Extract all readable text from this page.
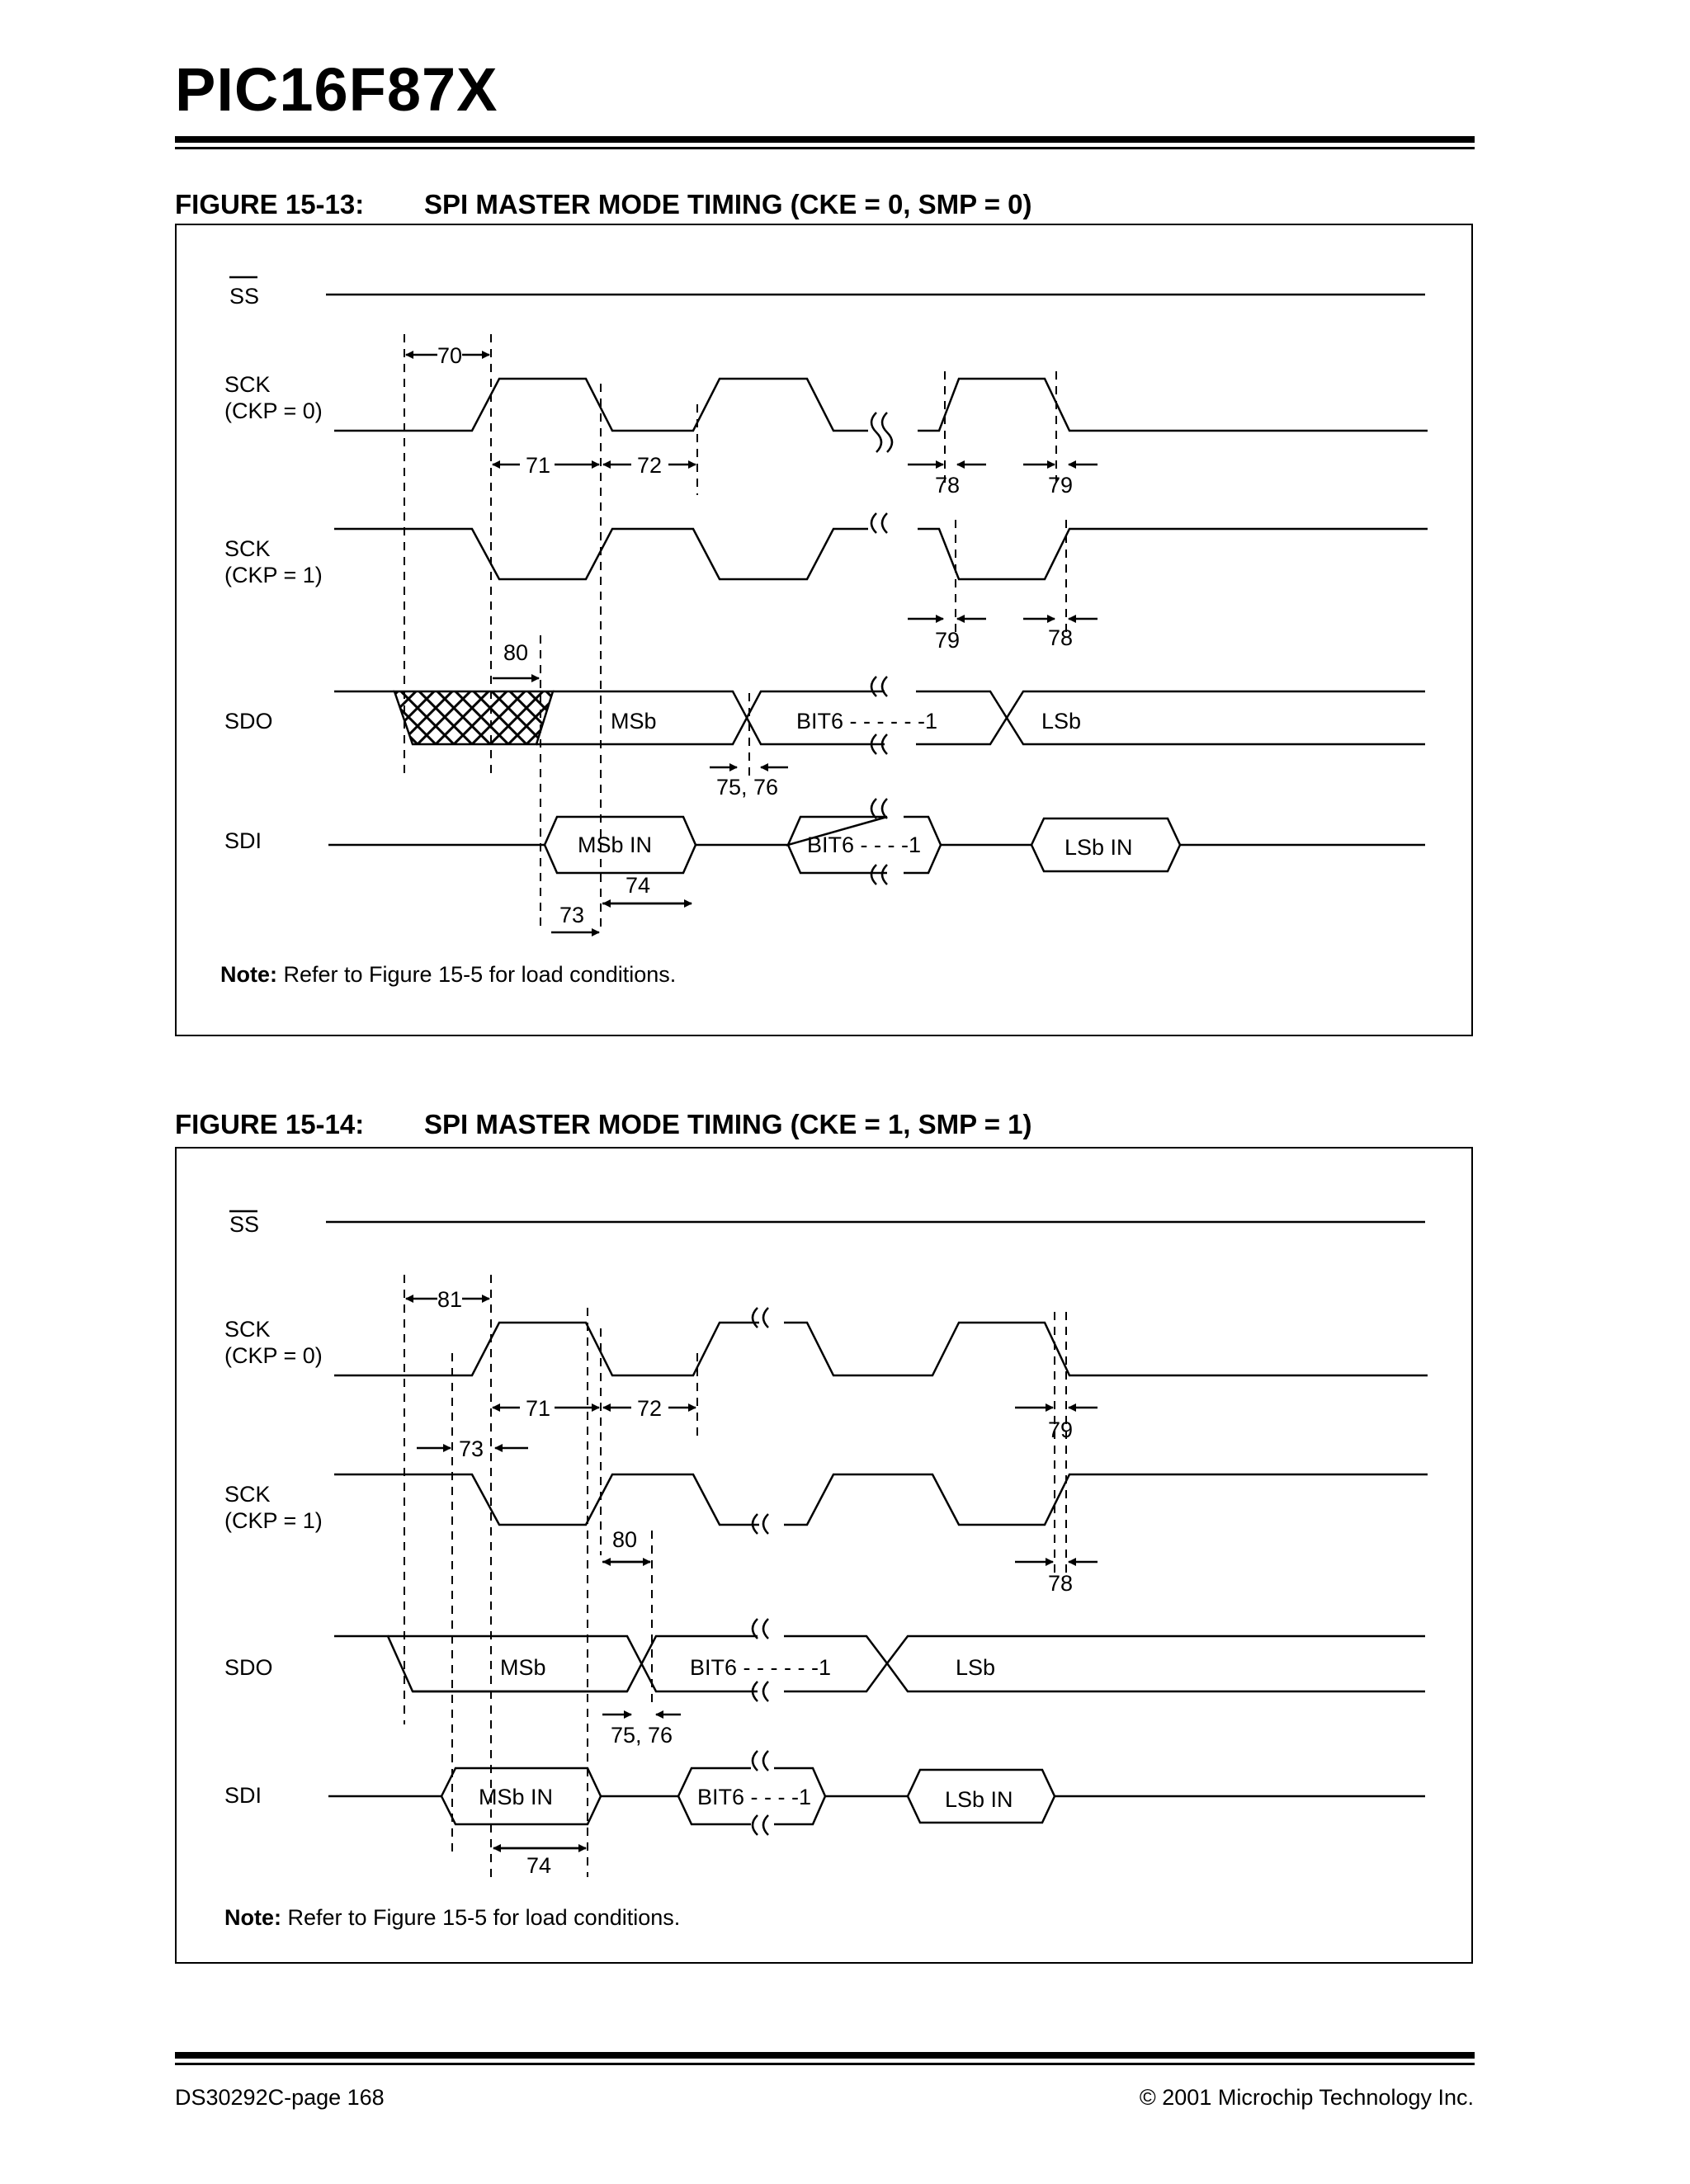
PIC16F87X
FIGURE 15-13: SPI MASTER MODE TIMING (CKE = 0, SMP = 0)
FIGURE 15-14: SPI MASTER MODE TIMING (CKE = 1, SMP = 1)
SS
SCK
(CKP = 0)
SCK
(CKP = 1)
SDO
SDI
MSb	BIT6 - - - - - -1	LSb
MSb IN	BIT6 - - - -1	LSb IN
70
71	72
78	79
79	78
80
75, 76
74
73
Note: Refer to Figure 15-5 for load conditions.
SS
SCK
(CKP = 0)
SCK
(CKP = 1)
SDO
SDI
MSb	BIT6 - - - - - -1	LSb
MSb IN	BIT6 - - - -1	LSb IN
81
71	72
73
79
80
78
75, 76
74
Note: Refer to Figure 15-5 for load conditions.
DS30292C-page 168	© 2001 Microchip Technology Inc.
